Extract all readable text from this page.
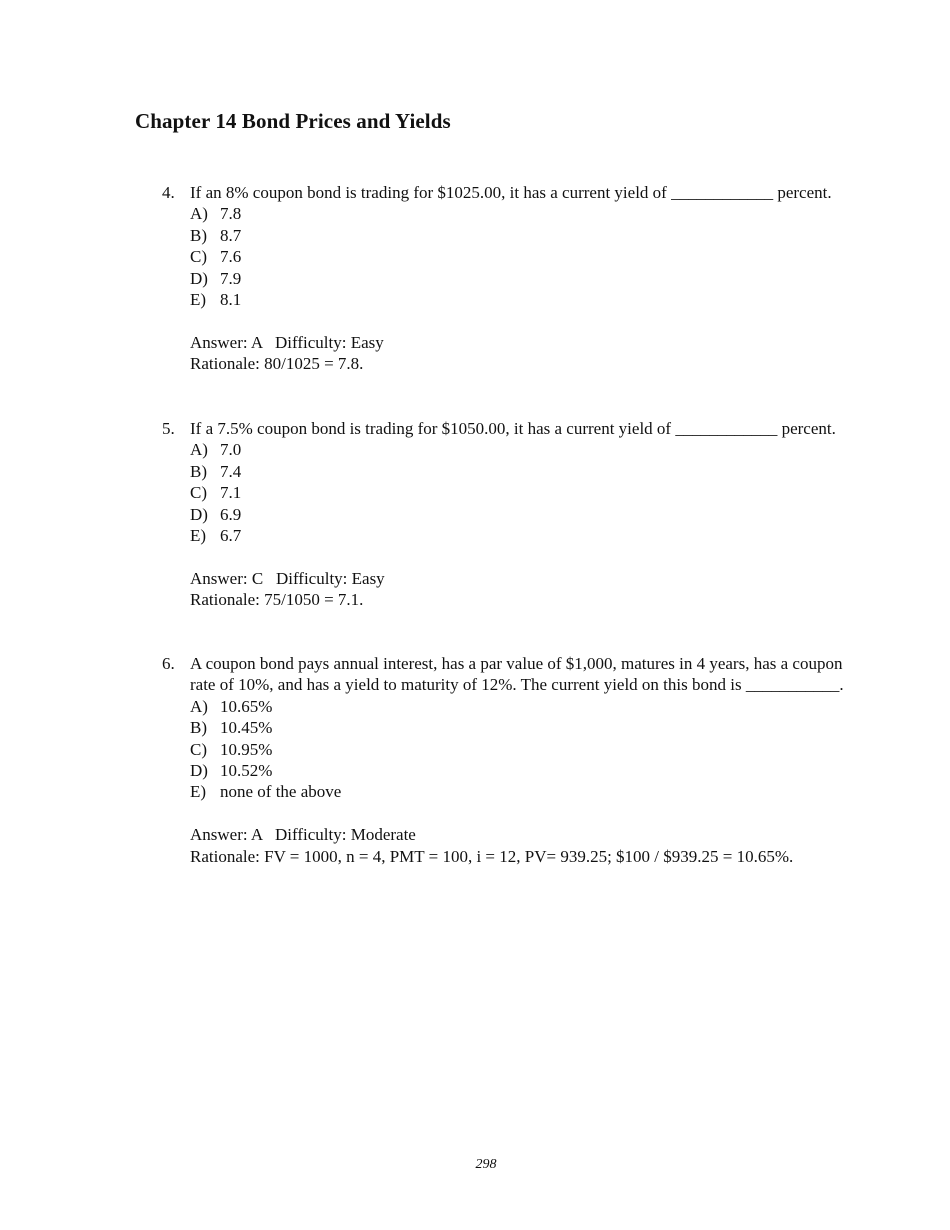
Chapter 14 Bond Prices and Yields
4. If an 8% coupon bond is trading for $1025.00, it has a current yield of ____________ percent.

A) 7.8
B) 8.7
C) 7.6
D) 7.9
E) 8.1

Answer: A   Difficulty: Easy

Rationale: 80/1025 = 7.8.

5. If a 7.5% coupon bond is trading for $1050.00, it has a current yield of ____________ percent.

A) 7.0
B) 7.4
C) 7.1
D) 6.9
E) 6.7

Answer: C   Difficulty: Easy

Rationale: 75/1050 = 7.1.

6. A coupon bond pays annual interest, has a par value of $1,000, matures in 4 years, has a coupon rate of 10%, and has a yield to maturity of 12%. The current yield on this bond is ___________.

A) 10.65%
B) 10.45%
C) 10.95%
D) 10.52%
E) none of the above

Answer: A   Difficulty: Moderate

Rationale: FV = 1000, n = 4, PMT = 100, i = 12, PV= 939.25; $100 / $939.25 = 10.65%.

298
